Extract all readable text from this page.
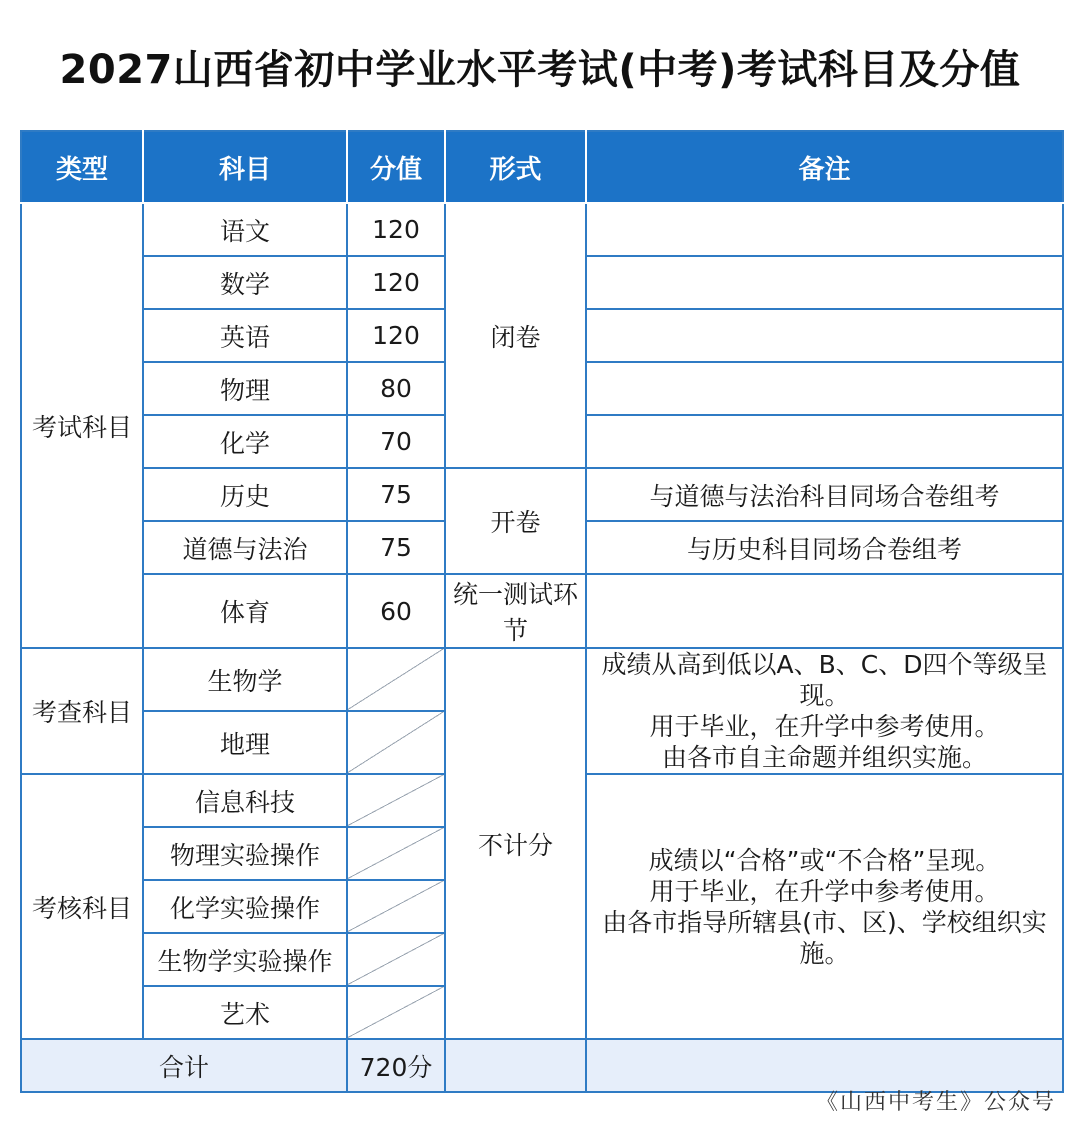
2027山西省初中学业水平考试(中考)考试科目及分值
类型	科目	分值	形式	备注
考试科目	语文	120	闭卷	
	数学	120		
	英语	120		
	物理	80		
	化学	70		
	历史	75	开卷	与道德与法治科目同场合卷组考
	道德与法治	75		与历史科目同场合卷组考
	体育	60	统一测试环节	
考查科目	生物学		不计分	成绩从高到低以A、B、C、D四个等级呈现。
用于毕业，在升学中参考使用。
由各市自主命题并组织实施。

	地理			
考核科目	信息科技			成绩以“合格”或“不合格”呈现。
用于毕业，在升学中参考使用。
由各市指导所辖县(市、区)、学校组织实施。

	物理实验操作			
	化学实验操作			
	生物学实验操作			
	艺术			
合计		720分		
《山西中考生》公众号
